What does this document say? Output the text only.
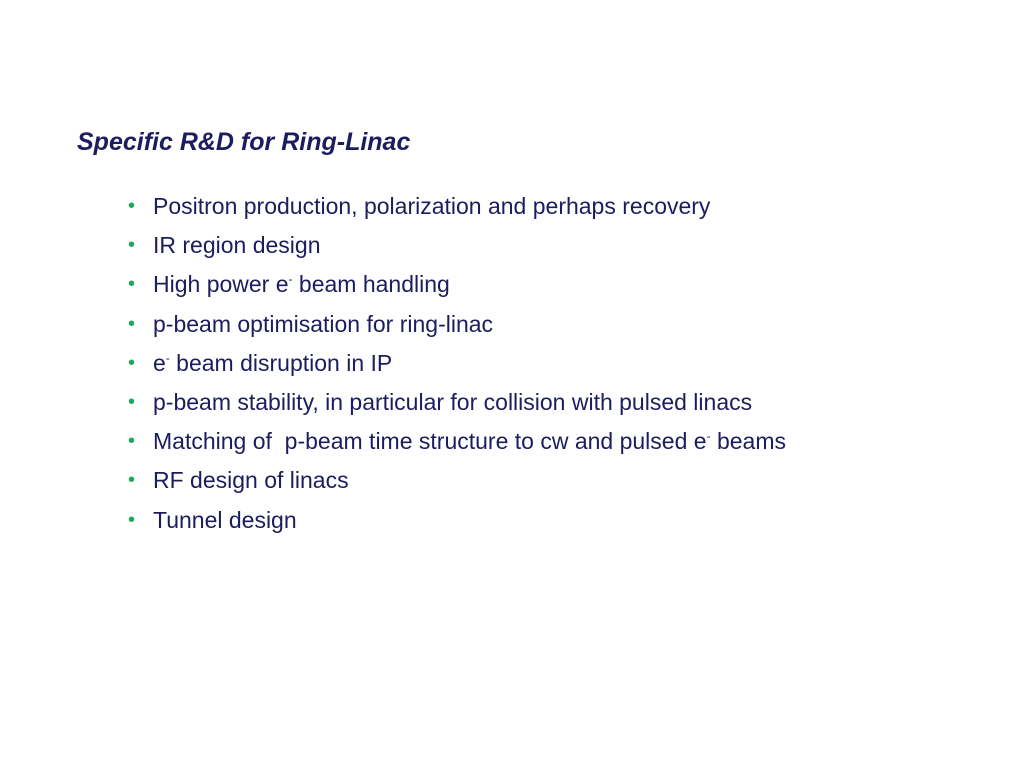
Specific R&D for Ring-Linac
• Positron production, polarization and perhaps recovery
• IR region design
• High power e- beam handling
• p-beam optimisation for ring-linac
• e- beam disruption in IP
• p-beam stability, in particular for collision with pulsed linacs
• Matching of  p-beam time structure to cw and pulsed e- beams
• RF design of linacs
• Tunnel design
